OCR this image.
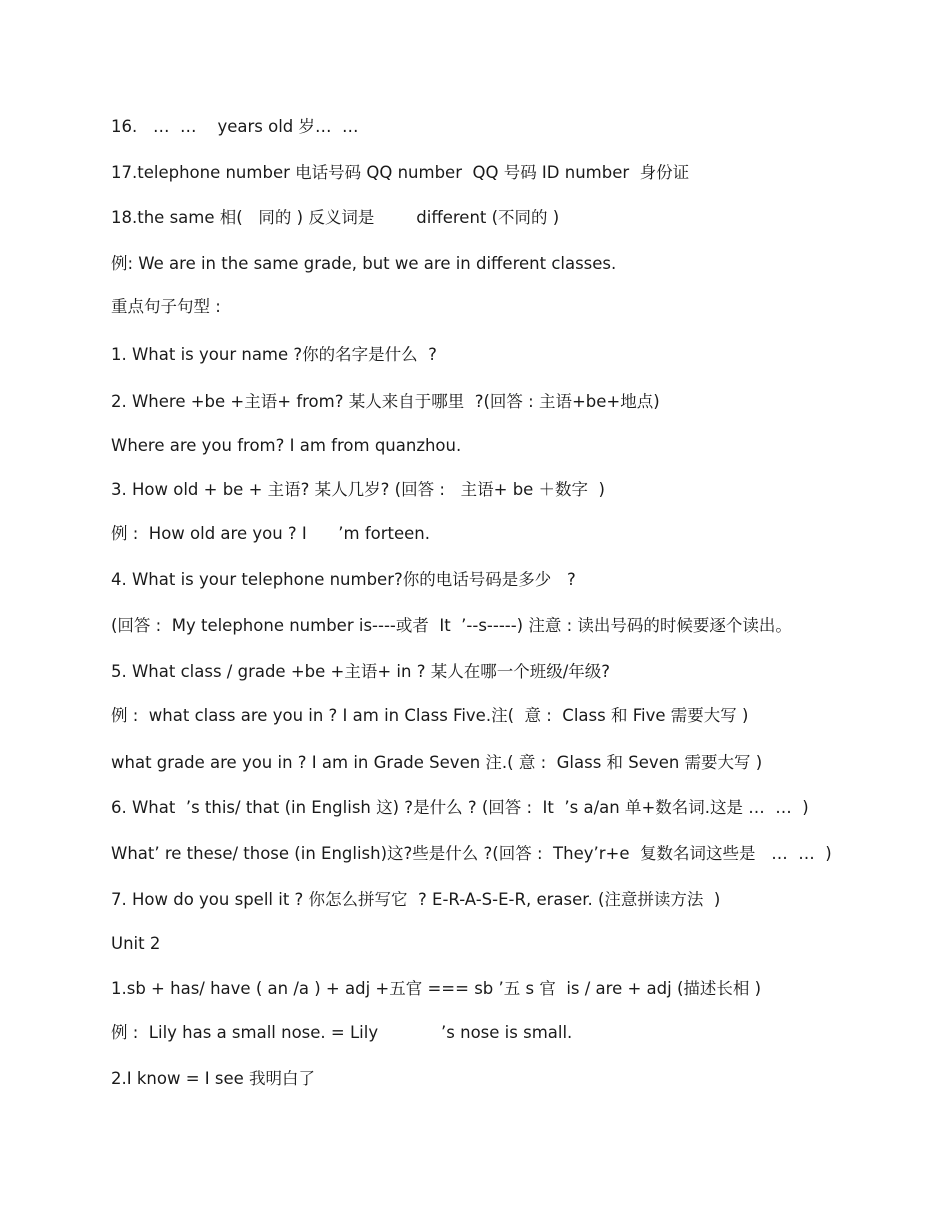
16.   …  …    years old 岁…  …
17.telephone number 电话号码 QQ number  QQ 号码 ID number  身份证
18.the same 相(   同的 ) 反义词是        different (不同的 )
例: We are in the same grade, but we are in different classes.
重点句子句型 :
1. What is your name ?你的名字是什么  ?
2. Where +be +主语+ from? 某人来自于哪里  ?(回答 : 主语+be+地点)
Where are you from? I am from quanzhou.
3. How old + be + 主语? 某人几岁? (回答 :   主语+ be ＋数字  )
例 :  How old are you ? I      ’m forteen.
4. What is your telephone number?你的电话号码是多少   ?
(回答 :  My telephone number is----或者  It  ’--s-----) 注意 : 读出号码的时候要逐个读出。
5. What class / grade +be +主语+ in ? 某人在哪一个班级/年级?
例 :  what class are you in ? I am in Class Five.注(  意 :  Class 和 Five 需要大写 )
what grade are you in ? I am in Grade Seven 注.( 意 :  Glass 和 Seven 需要大写 )
6. What  ’s this/ that (in English 这) ?是什么 ? (回答 :  It  ’s a/an 单+数名词.这是 …  …  )
What’ re these/ those (in English)这?些是什么 ?(回答 :  They’r+e  复数名词这些是   …  …  )
7. How do you spell it ? 你怎么拼写它  ? E-R-A-S-E-R, eraser. (注意拼读方法  )
Unit 2
1.sb + has/ have ( an /a ) + adj +五官 === sb ’五 s 官  is / are + adj (描述长相 )
例 :  Lily has a small nose. = Lily            ’s nose is small.
2.I know = I see 我明白了
